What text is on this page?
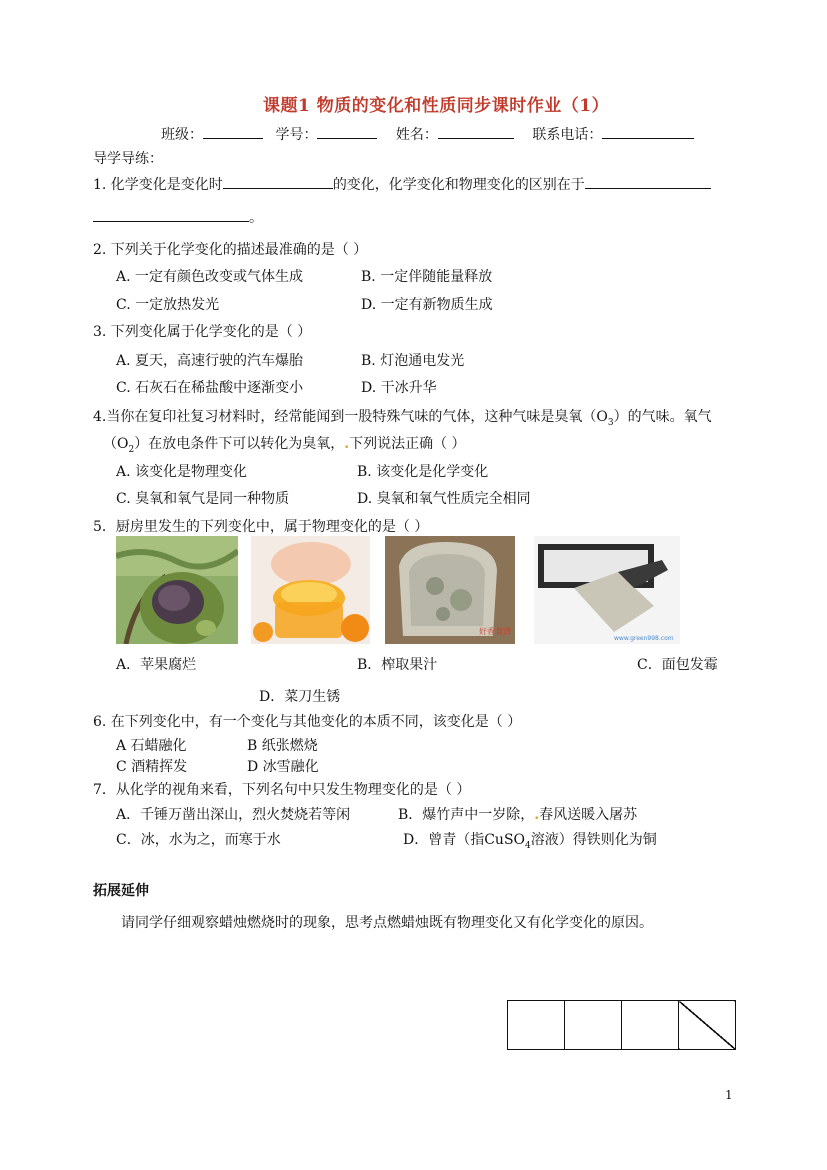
课题1 物质的变化和性质同步课时作业（1）
班级：	学号：	姓名：	联系电话：
导学导练：
1. 化学变化是变化时	的变化，化学变化和物理变化的区别在于
。
2. 下列关于化学变化的描述最准确的是（ ）
A. 一定有颜色改变或气体生成	B. 一定伴随能量释放
C. 一定放热发光	D. 一定有新物质生成
3. 下列变化属于化学变化的是（ ）
A. 夏天，高速行驶的汽车爆胎	B. 灯泡通电发光
C. 石灰石在稀盐酸中逐渐变小	D. 干冰升华
4.当你在复印社复习材料时，经常能闻到一股特殊气味的气体，这种气味是臭氧$(O_3)$的气味。氧气
$(O_2)$在放电条件下可以转化为臭氧，.下列说法正确（ ）
A. 该变化是物理变化	B. 该变化是化学变化
C. 臭氧和氧气是同一种物质	D. 臭氧和氧气性质完全相同
5．厨房里发生的下列变化中，属于物理变化的是（ ）
好香食谱
www.green998.com
A．苹果腐烂	B．榨取果汁	C．面包发霉
D．菜刀生锈
6. 在下列变化中，有一个变化与其他变化的本质不同，该变化是（ ）
A 石蜡融化	B 纸张燃烧
C 酒精挥发	D 冰雪融化
7．从化学的视角来看，下列名句中只发生物理变化的是（ ）
A．千锤万凿出深山，烈火焚烧若等闲	B．爆竹声中一岁除，.春风送暖入屠苏
C．冰，水为之，而寒于水	D．曾青（指CuSO$_4$溶液）得铁则化为铜
拓展延伸
请同学仔细观察蜡烛燃烧时的现象，思考点燃蜡烛既有物理变化又有化学变化的原因。

1
